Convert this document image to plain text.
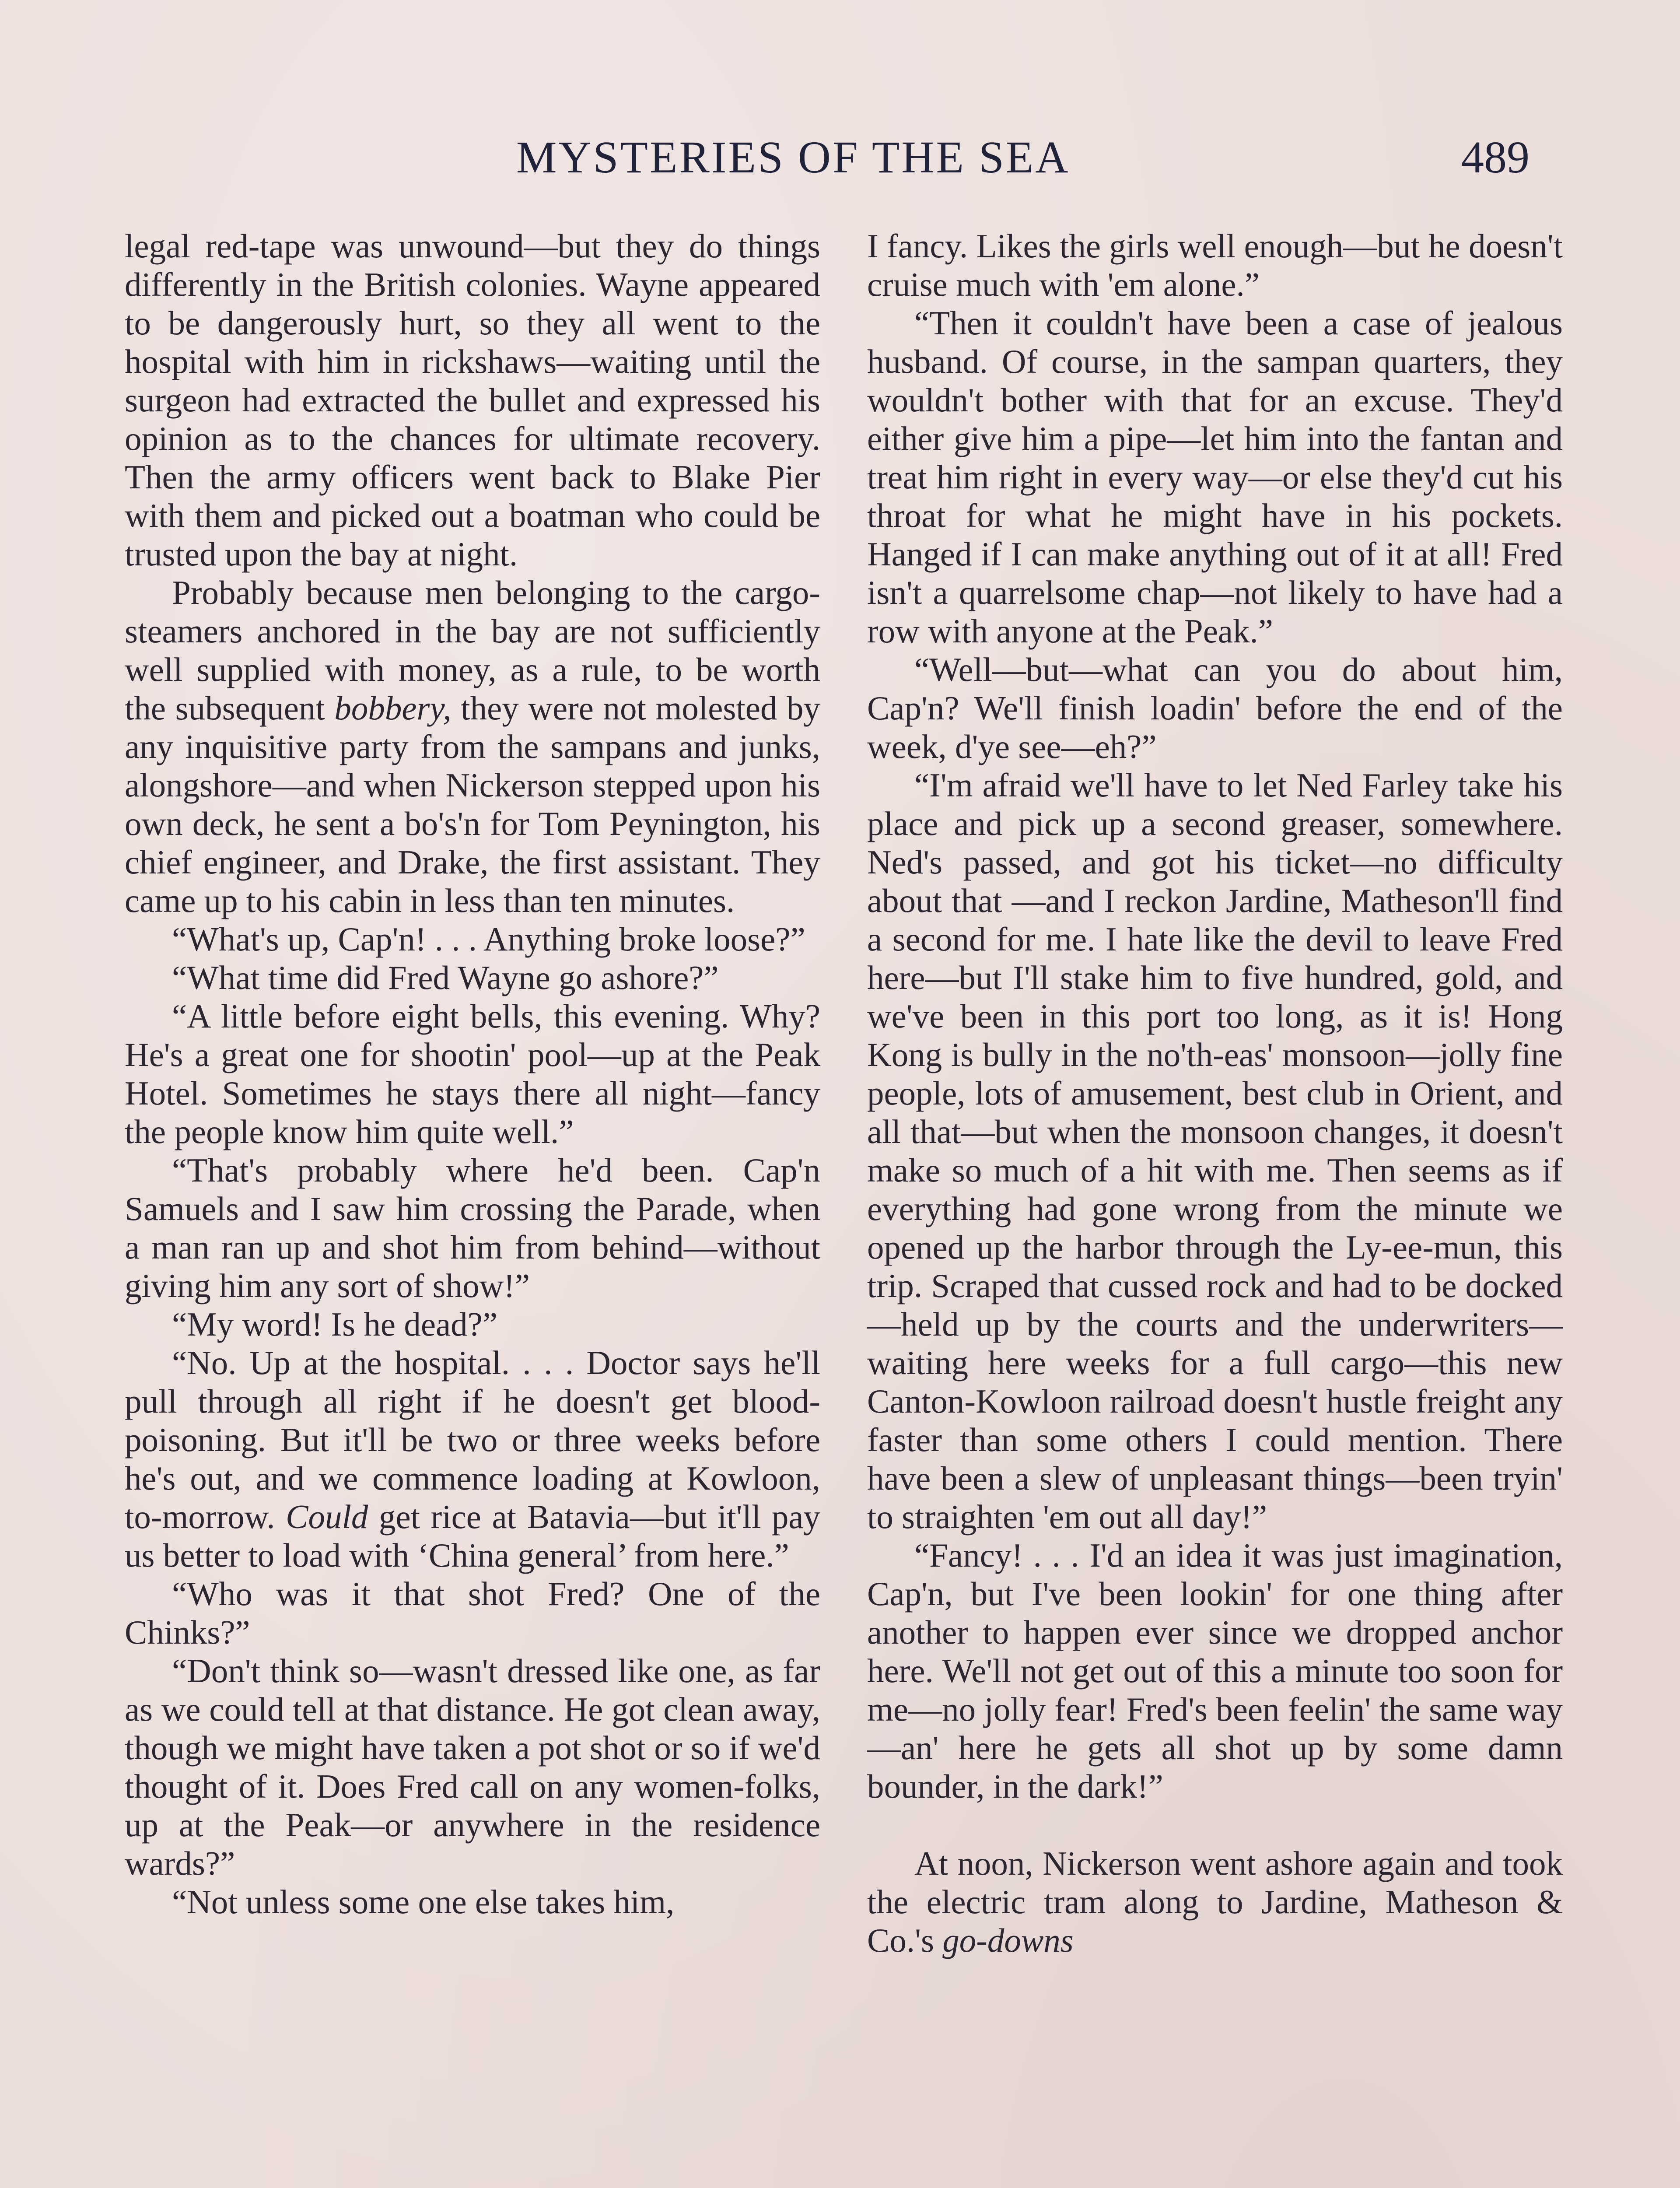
MYSTERIES OF THE SEA	489

legal red-tape was unwound—but they do things differently in the British colonies. Wayne appeared to be dangerously hurt, so they all went to the hospital with him in rickshaws—waiting until the surgeon had extracted the bullet and expressed his opinion as to the chances for ultimate recovery. Then the army officers went back to Blake Pier with them and picked out a boatman who could be trusted upon the bay at night.

Probably because men belonging to the cargo-steamers anchored in the bay are not sufficiently well supplied with money, as a rule, to be worth the subsequent bobbery, they were not molested by any inquisitive party from the sampans and junks, alongshore—and when Nickerson stepped upon his own deck, he sent a bo's'n for Tom Peynington, his chief engineer, and Drake, the first assistant. They came up to his cabin in less than ten minutes.

“What's up, Cap'n! . . . Anything broke loose?”

“What time did Fred Wayne go ashore?”

“A little before eight bells, this evening. Why? He's a great one for shootin' pool—up at the Peak Hotel. Sometimes he stays there all night—fancy the people know him quite well.”

“That's probably where he'd been. Cap'n Samuels and I saw him crossing the Parade, when a man ran up and shot him from behind—without giving him any sort of show!”

“My word! Is he dead?”

“No. Up at the hospital. . . . Doctor says he'll pull through all right if he doesn't get blood-poisoning. But it'll be two or three weeks before he's out, and we commence loading at Kowloon, to-morrow. Could get rice at Batavia—but it'll pay us better to load with ‘China general’ from here.”

“Who was it that shot Fred? One of the Chinks?”

“Don't think so—wasn't dressed like one, as far as we could tell at that distance. He got clean away, though we might have taken a pot shot or so if we'd thought of it. Does Fred call on any women-folks, up at the Peak—or anywhere in the residence wards?”

“Not unless some one else takes him,

I fancy. Likes the girls well enough—but he doesn't cruise much with 'em alone.”

“Then it couldn't have been a case of jealous husband. Of course, in the sampan quarters, they wouldn't bother with that for an excuse. They'd either give him a pipe—let him into the fantan and treat him right in every way—or else they'd cut his throat for what he might have in his pockets. Hanged if I can make anything out of it at all! Fred isn't a quarrelsome chap—not likely to have had a row with anyone at the Peak.”

“Well—but—what can you do about him, Cap'n? We'll finish loadin' before the end of the week, d'ye see—eh?”

“I'm afraid we'll have to let Ned Farley take his place and pick up a second greaser, somewhere. Ned's passed, and got his ticket—no difficulty about that —and I reckon Jardine, Matheson'll find a second for me. I hate like the devil to leave Fred here—but I'll stake him to five hundred, gold, and we've been in this port too long, as it is! Hong Kong is bully in the no'th-eas' monsoon—jolly fine people, lots of amusement, best club in Orient, and all that—but when the monsoon changes, it doesn't make so much of a hit with me. Then seems as if everything had gone wrong from the minute we opened up the harbor through the Ly-ee-mun, this trip. Scraped that cussed rock and had to be docked—held up by the courts and the underwriters—waiting here weeks for a full cargo—this new Canton-Kowloon railroad doesn't hustle freight any faster than some others I could mention. There have been a slew of unpleasant things—been tryin' to straighten 'em out all day!”

“Fancy! . . . I'd an idea it was just imagination, Cap'n, but I've been lookin' for one thing after another to happen ever since we dropped anchor here. We'll not get out of this a minute too soon for me—no jolly fear! Fred's been feelin' the same way—an' here he gets all shot up by some damn bounder, in the dark!”

At noon, Nickerson went ashore again and took the electric tram along to Jardine, Matheson & Co.'s go-downs
